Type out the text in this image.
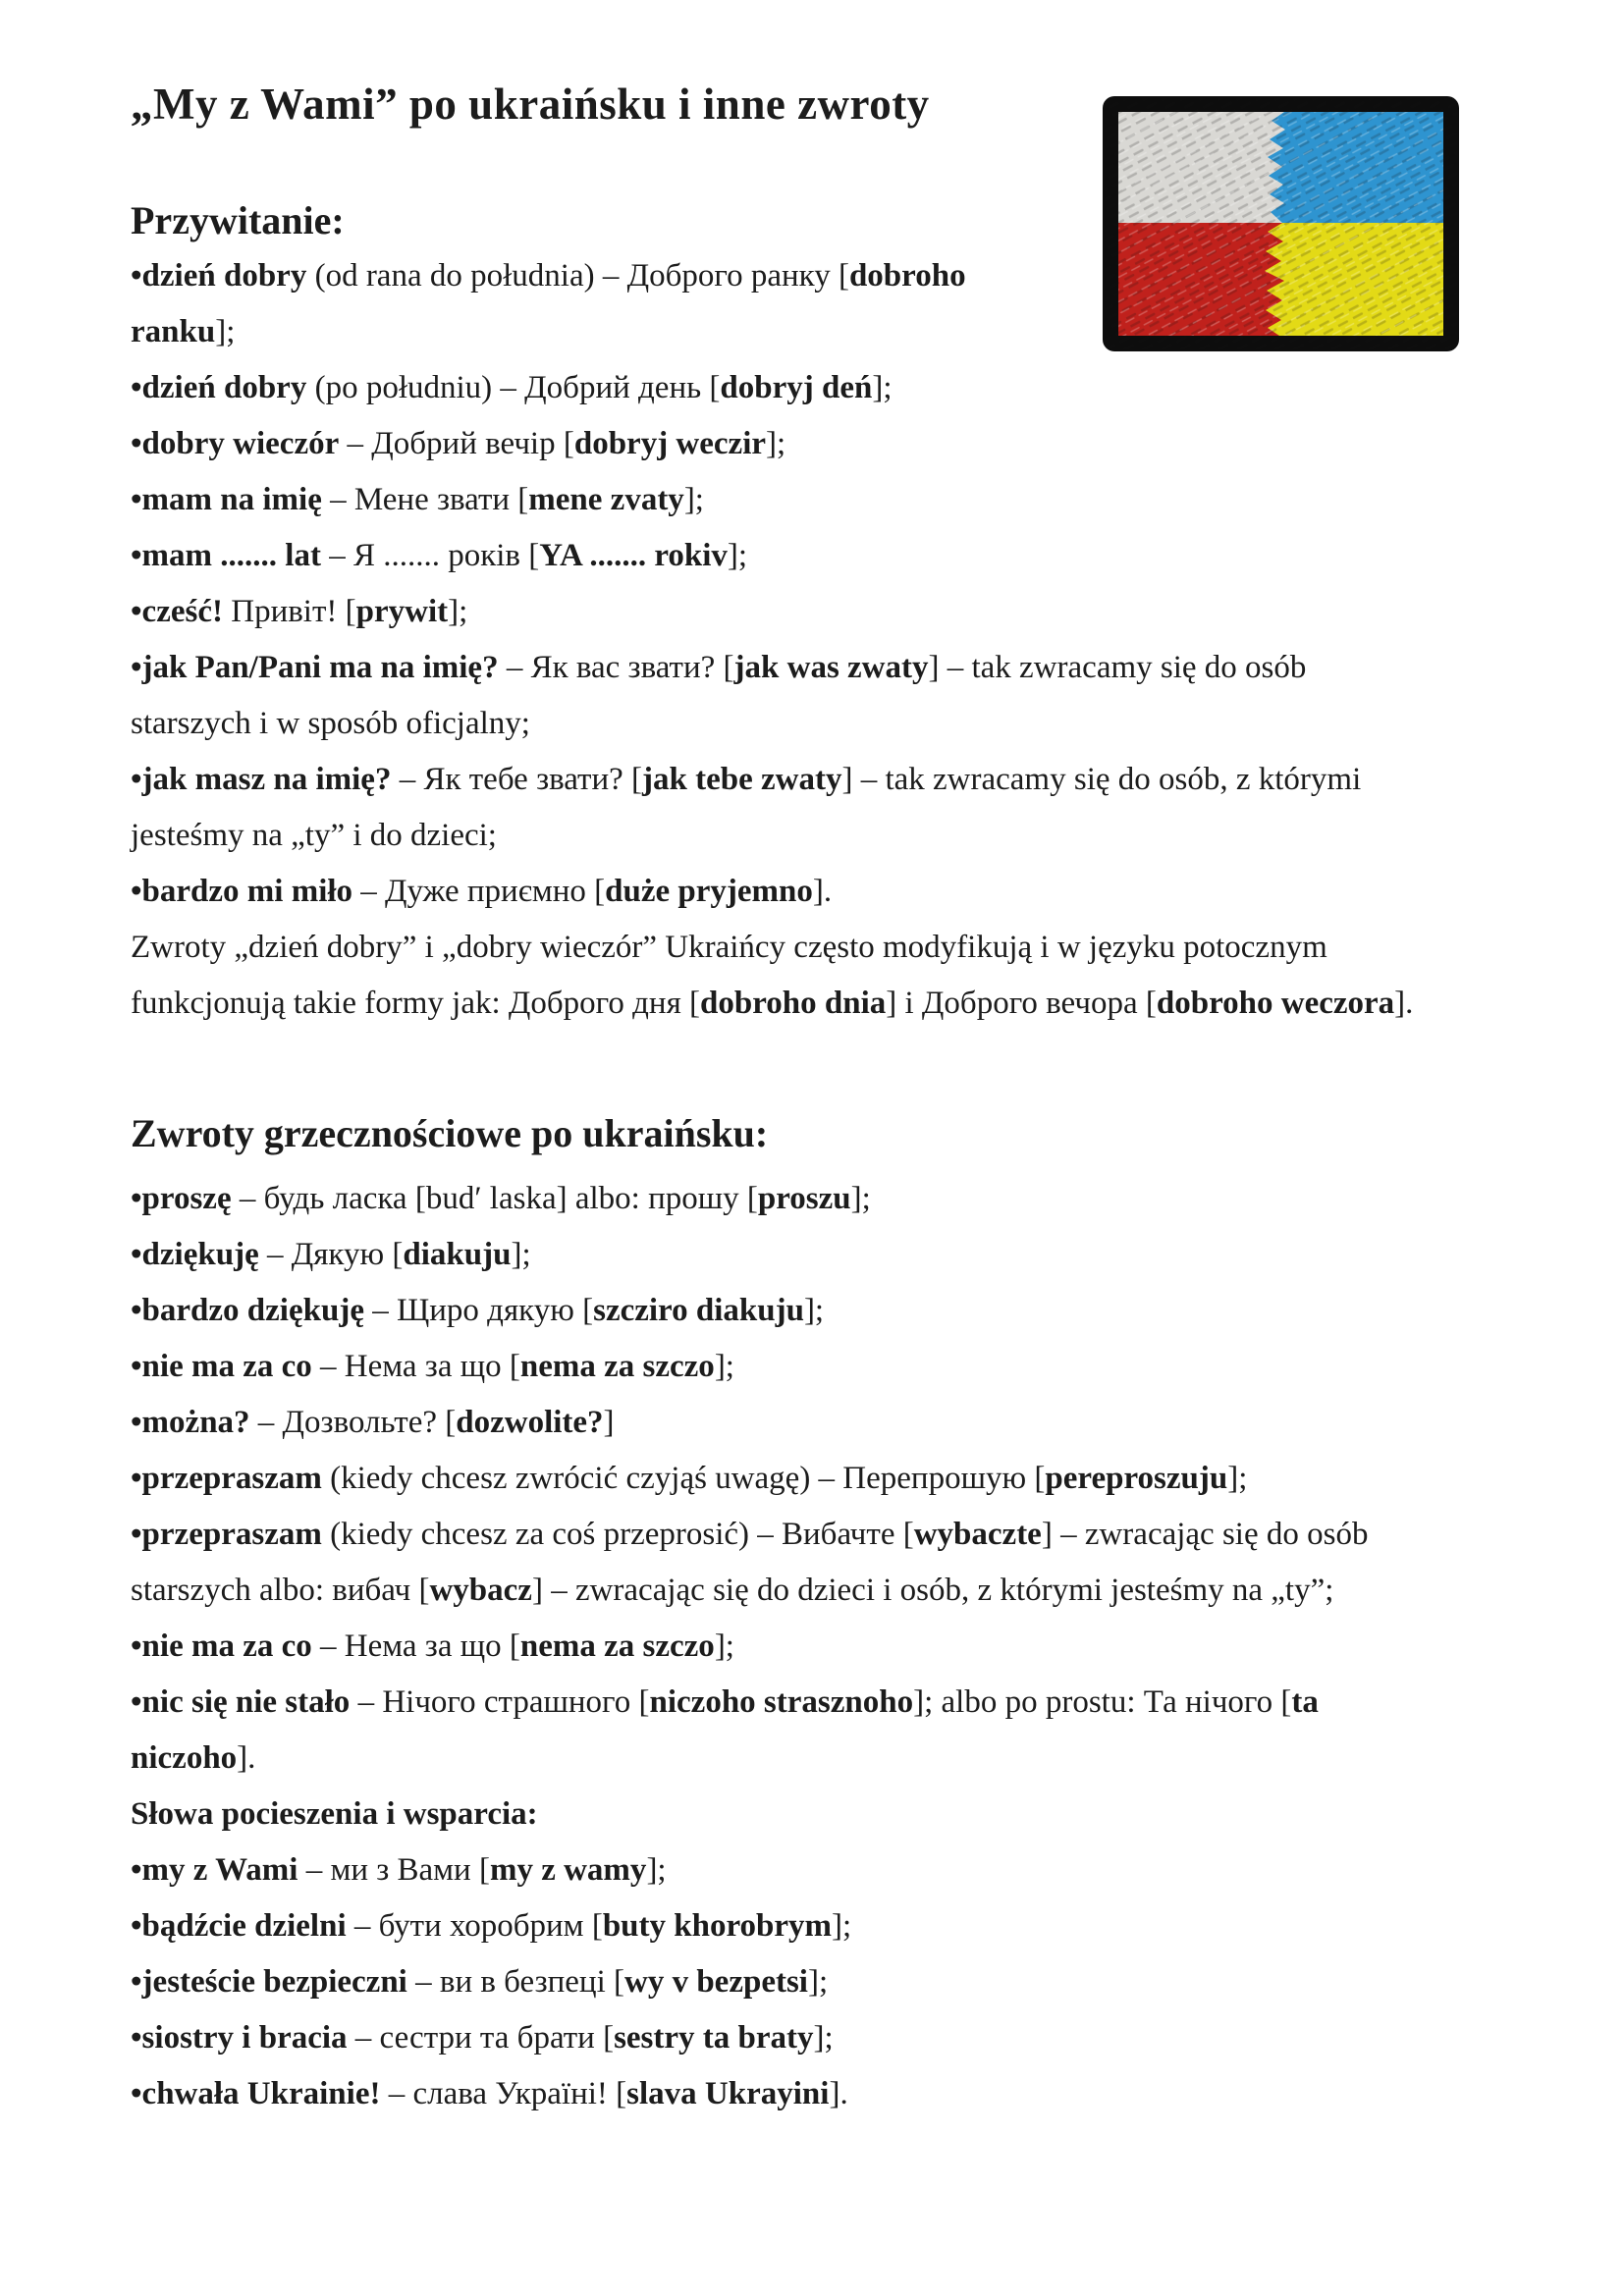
„My z Wami” po ukraińsku i inne zwroty
Przywitanie:
•dzień dobry (od rana do południa) – Доброго ранку [dobroho
ranku];
•dzień dobry (po południu) – Добрий день [dobryj deń];
•dobry wieczór – Добрий вечір [dobryj weczir];
•mam na imię – Мене звати [mene zvaty];
•mam ....... lat – Я ....... років [YA ....... rokiv];
•cześć! Привіт! [prywit];
•jak Pan/Pani ma na imię? – Як вас звати? [jak was zwaty] – tak zwracamy się do osób
starszych i w sposób oficjalny;
•jak masz na imię? – Як тебе звати? [jak tebe zwaty] – tak zwracamy się do osób, z którymi
jesteśmy na „ty” i do dzieci;
•bardzo mi miło – Дуже приємно [duże pryjemno].
Zwroty „dzień dobry” i „dobry wieczór” Ukraińcy często modyfikują i w języku potocznym
funkcjonują takie formy jak: Доброго дня [dobroho dnia] i Доброго вечора [dobroho weczora].
Zwroty grzecznościowe po ukraińsku:
•proszę – будь ласка [bud′ laska] albo: прошу [proszu];
•dziękuję – Дякую [diakuju];
•bardzo dziękuję – Щиро дякую [szcziro diakuju];
•nie ma za co – Нема за що [nema za szczo];
•można? – Дозвольте? [dozwolite?]
•przepraszam (kiedy chcesz zwrócić czyjąś uwagę) – Перепрошую [pereproszuju];
•przepraszam (kiedy chcesz za coś przeprosić) – Вибачте [wybaczte] – zwracając się do osób
starszych albo: вибач [wybacz] – zwracając się do dzieci i osób, z którymi jesteśmy na „ty”;
•nie ma za co – Нема за що [nema za szczo];
•nic się nie stało – Нічого страшного [niczoho strasznoho]; albo po prostu: Та нічого [ta
niczoho].
Słowa pocieszenia i wsparcia:
•my z Wami – ми з Вами [my z wamy];
•bądźcie dzielni – бути хоробрим [buty khorobrym];
•jesteście bezpieczni – ви в безпеці [wy v bezpetsi];
•siostry i bracia – сестри та брати [sestry ta braty];
•chwała Ukrainie! – слава Україні! [slava Ukrayini].
